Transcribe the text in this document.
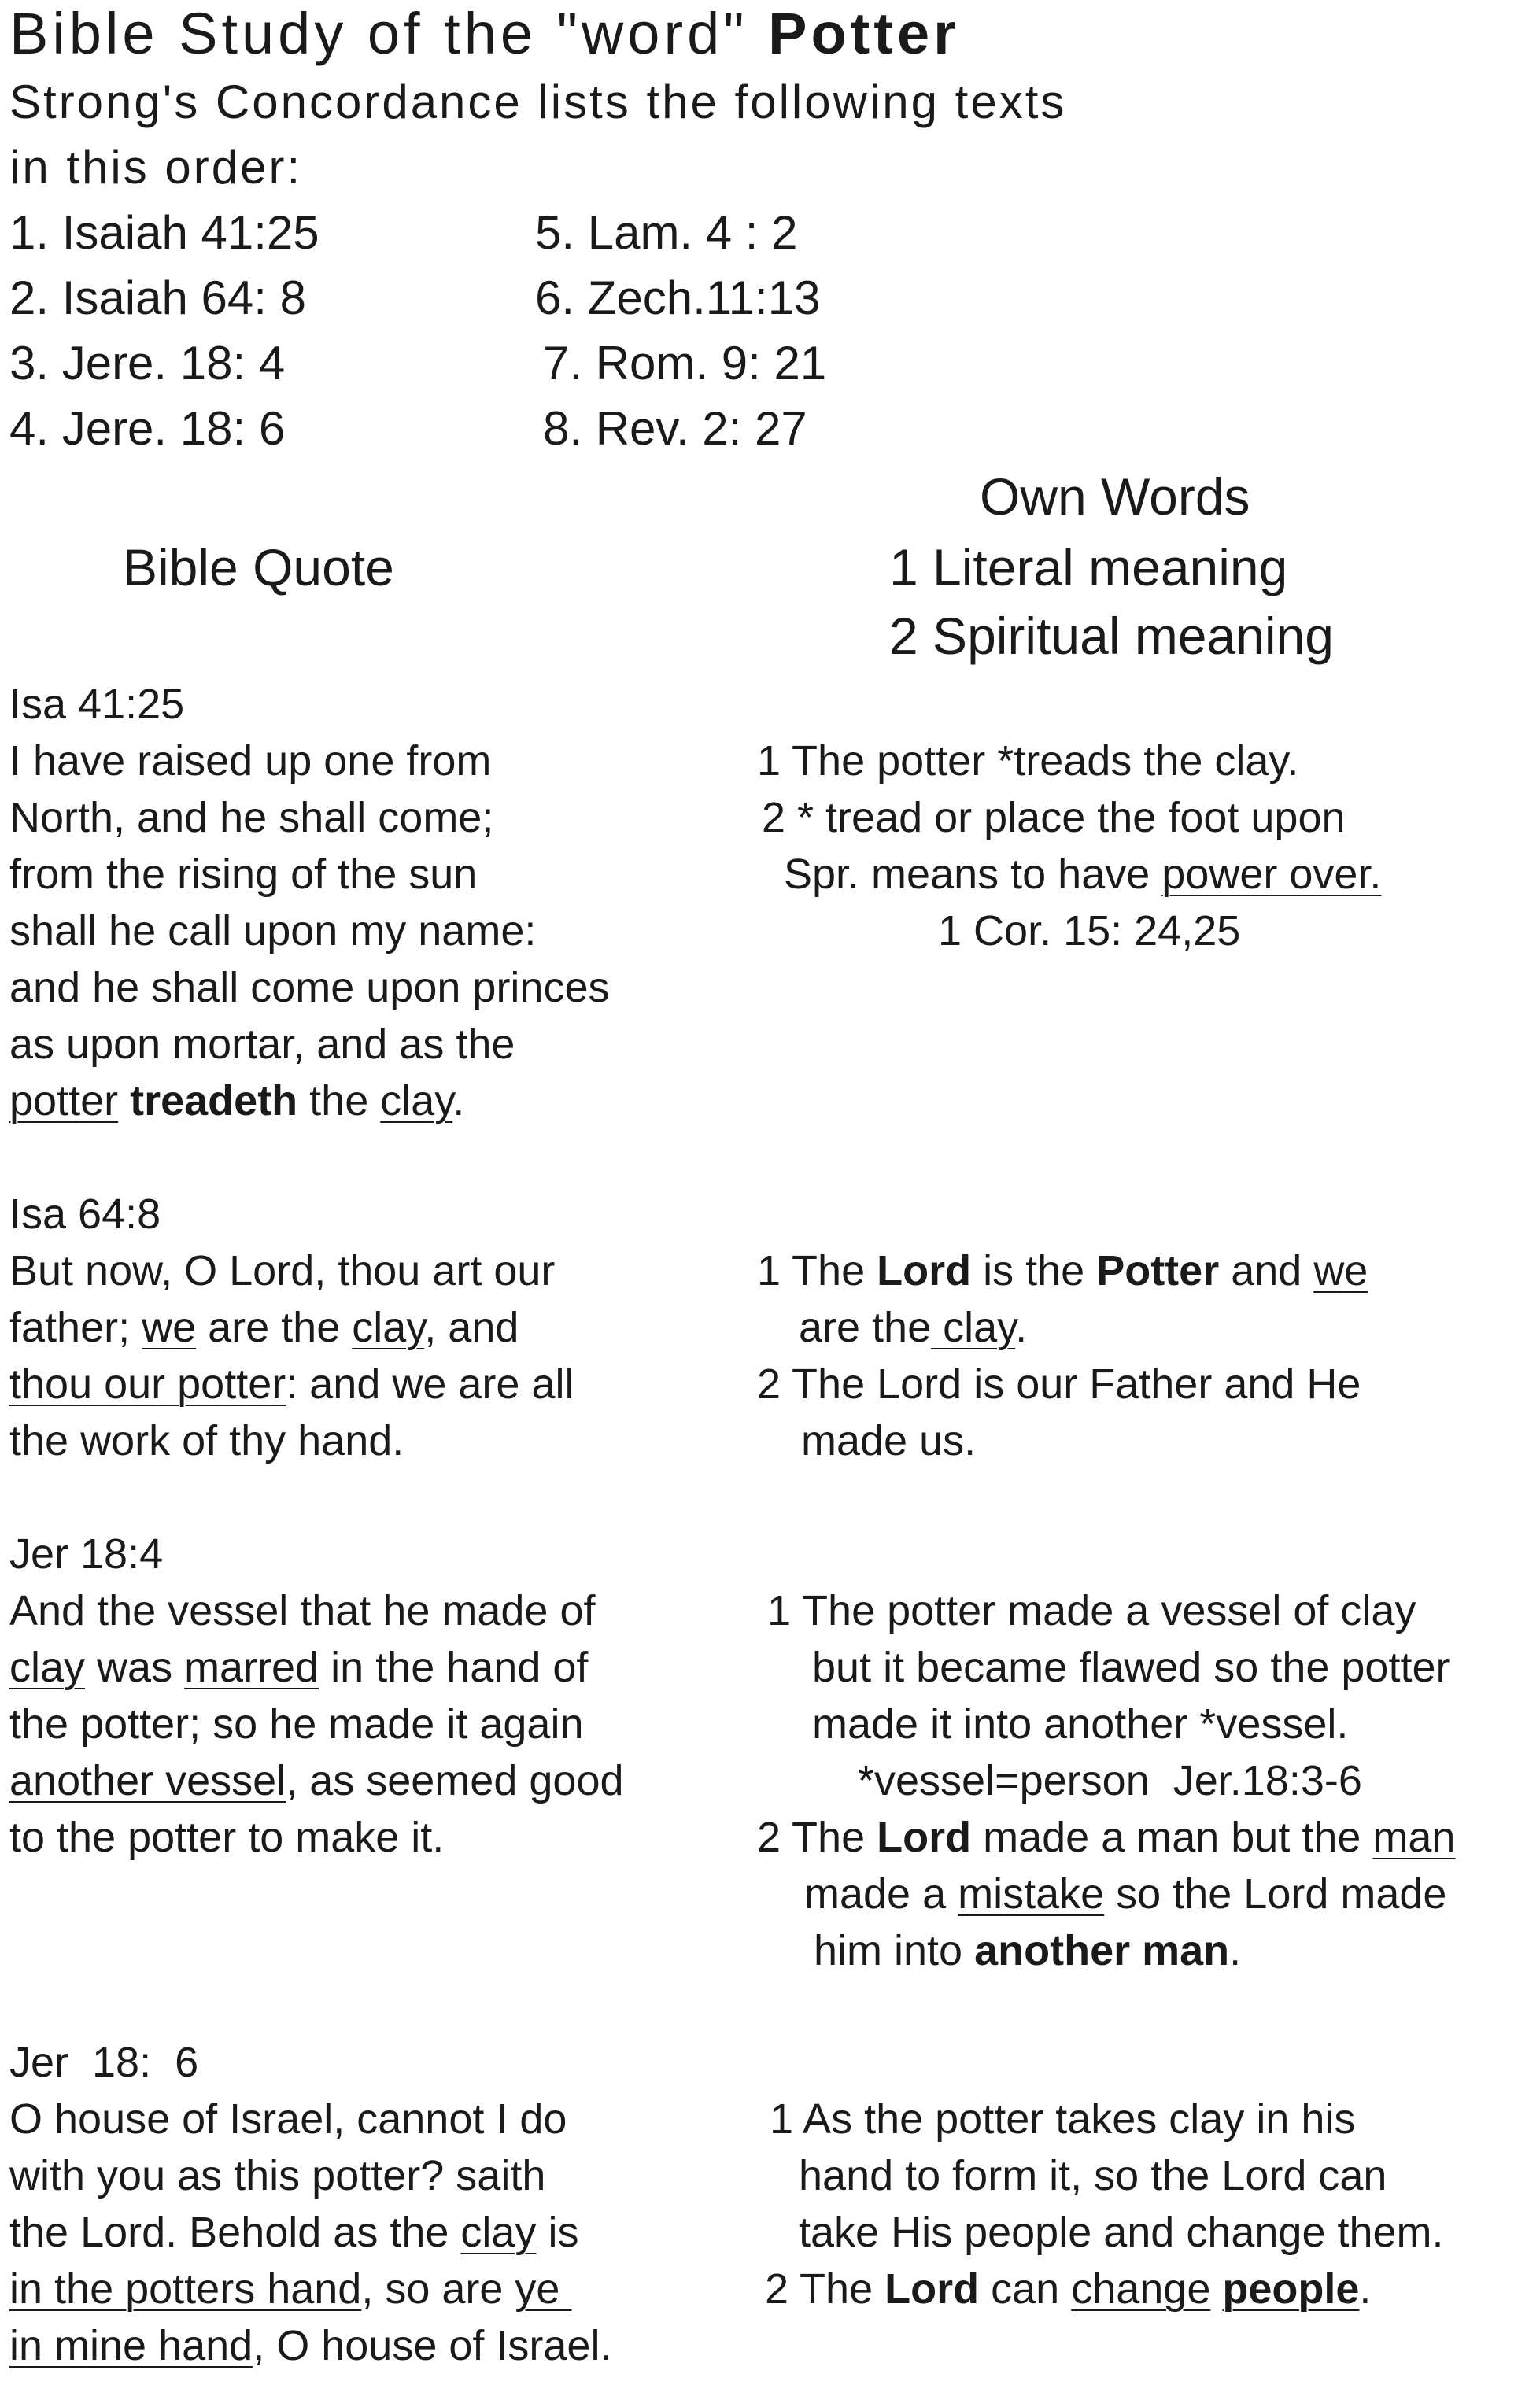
Bible Study of the "word" Potter
Strong's Concordance lists the following texts
in this order:
1. Isaiah 41:25
2. Isaiah 64: 8
3. Jere. 18: 4
4. Jere. 18: 6
5. Lam. 4 : 2
6. Zech.11:13
7. Rom. 9: 21
8. Rev. 2: 27
Own Words
Bible Quote	1 Literal meaning
2 Spiritual meaning
Isa 41:25
I have raised up one from
North, and he shall come;
from the rising of the sun
shall he call upon my name:
and he shall come upon princes
as upon mortar, and as the
potter treadeth the clay.
1 The potter *treads the clay.
2 * tread or place the foot upon
Spr. means to have power over.
1 Cor. 15: 24,25
Isa 64:8
But now, O Lord, thou art our
father; we are the clay, and
thou our potter: and we are all
the work of thy hand.
1 The Lord is the Potter and we
are the clay.
2 The Lord is our Father and He
made us.
Jer 18:4
And the vessel that he made of
clay was marred in the hand of
the potter; so he made it again
another vessel, as seemed good
to the potter to make it.
1 The potter made a vessel of clay
but it became flawed so the potter
made it into another *vessel.
*vessel=person  Jer.18:3-6
2 The Lord made a man but the man
made a mistake so the Lord made
him into another man.
Jer  18:  6
O house of Israel, cannot I do
with you as this potter? saith
the Lord. Behold as the clay is
in the potters hand, so are ye
in mine hand, O house of Israel.
1 As the potter takes clay in his
hand to form it, so the Lord can
take His people and change them.
2 The Lord can change people.
